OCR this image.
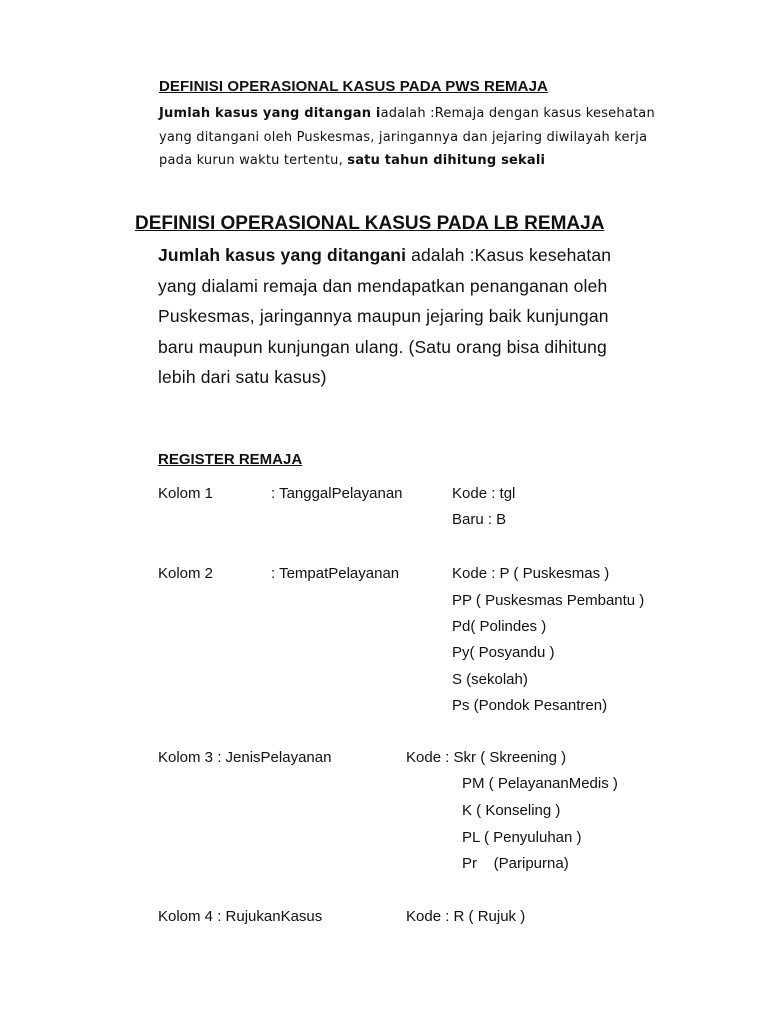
DEFINISI OPERASIONAL KASUS PADA PWS REMAJA
Jumlah kasus yang ditangan iadalah :Remaja dengan kasus kesehatan
yang ditangani oleh Puskesmas, jaringannya dan jejaring diwilayah kerja
pada kurun waktu tertentu, satu tahun dihitung sekali
DEFINISI OPERASIONAL KASUS PADA LB REMAJA
Jumlah kasus yang ditangani adalah :Kasus kesehatan
yang dialami remaja dan mendapatkan penanganan oleh
Puskesmas, jaringannya maupun jejaring baik kunjungan
baru maupun kunjungan ulang. (Satu orang bisa dihitung
lebih dari satu kasus)
REGISTER REMAJA
Kolom 1	: TanggalPelayanan	Kode : tgl
Baru : B
Kolom 2	: TempatPelayanan	Kode : P ( Puskesmas )
PP ( Puskesmas Pembantu )
Pd( Polindes )
Py( Posyandu )
S (sekolah)
Ps (Pondok Pesantren)
Kolom 3 : JenisPelayanan	Kode : Skr ( Skreening )
PM ( PelayananMedis )
K ( Konseling )
PL ( Penyuluhan )
Pr    (Paripurna)
Kolom 4 : RujukanKasus	Kode : R ( Rujuk )
